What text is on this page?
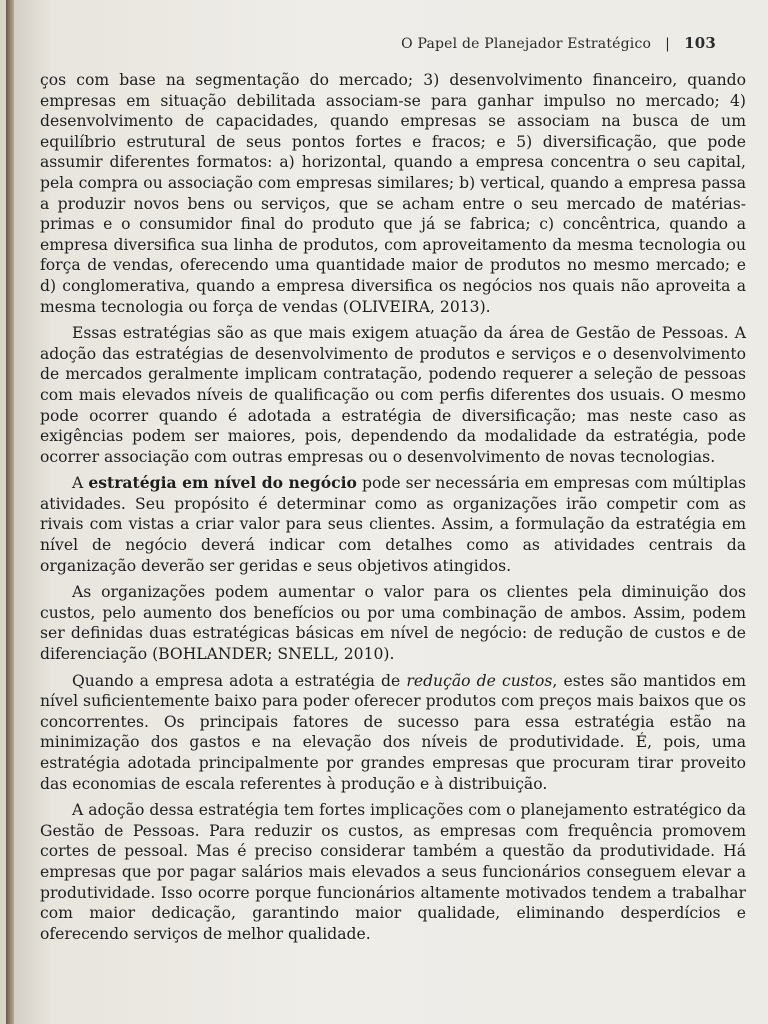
O Papel de Planejador Estratégico | 103

ços com base na segmentação do mercado; 3) desenvolvimento financeiro, quando empresas em situação debilitada associam-se para ganhar impulso no mercado; 4) desenvolvimento de capacidades, quando empresas se associam na busca de um equilíbrio estrutural de seus pontos fortes e fracos; e 5) diversificação, que pode assumir diferentes formatos: a) horizontal, quando a empresa concentra o seu capital, pela compra ou associação com empresas similares; b) vertical, quando a empresa passa a produzir novos bens ou serviços, que se acham entre o seu mercado de matérias-primas e o consumidor final do produto que já se fabrica; c) concêntrica, quando a empresa diversifica sua linha de produtos, com aproveitamento da mesma tecnologia ou força de vendas, oferecendo uma quantidade maior de produtos no mesmo mercado; e d) conglomerativa, quando a empresa diversifica os negócios nos quais não aproveita a mesma tecnologia ou força de vendas (OLIVEIRA, 2013).

Essas estratégias são as que mais exigem atuação da área de Gestão de Pessoas. A adoção das estratégias de desenvolvimento de produtos e serviços e o desenvolvimento de mercados geralmente implicam contratação, podendo requerer a seleção de pessoas com mais elevados níveis de qualificação ou com perfis diferentes dos usuais. O mesmo pode ocorrer quando é adotada a estratégia de diversificação; mas neste caso as exigências podem ser maiores, pois, dependendo da modalidade da estratégia, pode ocorrer associação com outras empresas ou o desenvolvimento de novas tecnologias.

A estratégia em nível do negócio pode ser necessária em empresas com múltiplas atividades. Seu propósito é determinar como as organizações irão competir com as rivais com vistas a criar valor para seus clientes. Assim, a formulação da estratégia em nível de negócio deverá indicar com detalhes como as atividades centrais da organização deverão ser geridas e seus objetivos atingidos.

As organizações podem aumentar o valor para os clientes pela diminuição dos custos, pelo aumento dos benefícios ou por uma combinação de ambos. Assim, podem ser definidas duas estratégicas básicas em nível de negócio: de redução de custos e de diferenciação (BOHLANDER; SNELL, 2010).

Quando a empresa adota a estratégia de redução de custos, estes são mantidos em nível suficientemente baixo para poder oferecer produtos com preços mais baixos que os concorrentes. Os principais fatores de sucesso para essa estratégia estão na minimização dos gastos e na elevação dos níveis de produtividade. É, pois, uma estratégia adotada principalmente por grandes empresas que procuram tirar proveito das economias de escala referentes à produção e à distribuição.

A adoção dessa estratégia tem fortes implicações com o planejamento estratégico da Gestão de Pessoas. Para reduzir os custos, as empresas com frequência promovem cortes de pessoal. Mas é preciso considerar também a questão da produtividade. Há empresas que por pagar salários mais elevados a seus funcionários conseguem elevar a produtividade. Isso ocorre porque funcionários altamente motivados tendem a trabalhar com maior dedicação, garantindo maior qualidade, eliminando desperdícios e oferecendo serviços de melhor qualidade.
